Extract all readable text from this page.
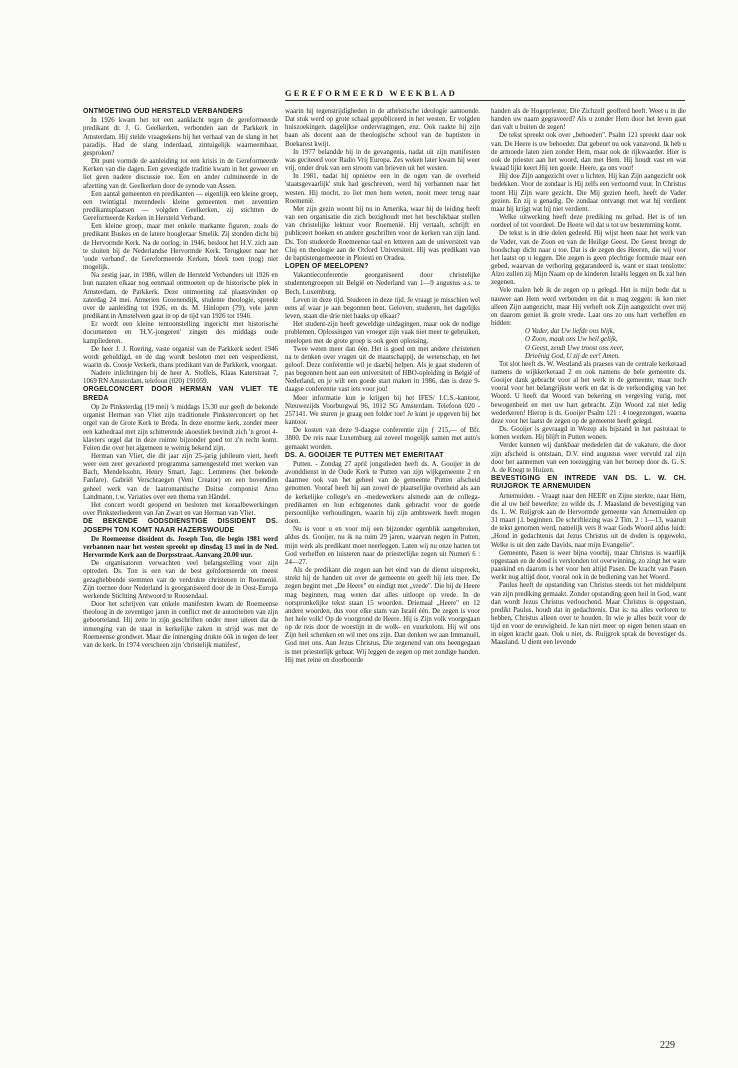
GEREFORMEERD WEEKBLAD
ONTMOETING OUD HERSTELD VERBANDERS

In 1926 kwam het tot een aanklacht tegen de gereformeerde predikant dr. J. G. Geelkerken, verbonden aan de Parkkerk in Amsterdam. Hij stelde vraagtekens bij het verhaal van de slang in het paradijs. Had de slang inderdaad, zintuigelijk waarneembaar, gesproken?

Dit punt vormde de aanleiding tot een krisis in de Gereformeerde Kerken van die dagen. Een gevestigde traditie kwam in het geweer en liet geen nadere discussie toe. Een en ander culmineerde in de afzetting van dr. Geelkerken door de synode van Assen.

Een aantal gemeenten en predikanten — eigenlijk een kleine groep, een twintigtal merendeels kleine gemeenten met zeventien predikantsplaatsen — volgden Geelkerken, zij stichtten de Gereformeerde Kerken in Hersteld Verband.

Een kleine groep, maar met enkele markante figuren, zoals de predikant Buskes en de latere hoogleraar Smelik. Zij stonden dicht bij de Hervormde Kerk. Na de oorlog, in 1946, besloot het H.V. zich aan te sluiten bij de Nederlandse Hervormde Kerk. Terugkeer naar het 'oude verband', de Gereformeerde Kerken, bleek toen (nog) niet mogelijk.

Na zestig jaar, in 1986, willen de Hersteld Verbanders uit 1926 en hun nazaten elkaar nog eenmaal ontmoeten op de historische plek in Amsterdam, de Parkkerk. Deze ontmoeting zal plaatsvinden op zaterdag 24 mei. Annerien Groenendijk, studente theologie, spreekt over de aanleiding tot 1926, en ds. M. Hinlopen (79), vele jaren predikant in Amstelveen gaat in op de tijd van 1926 tot 1946.

Er wordt een kleine tentoonstelling ingericht met historische documenten en 'H.V.-jongeren' zingen des middags oude kampliederen.

De heer J. J. Roering, vaste organist van de Parkkerk sedert 1946 wordt gehuldigd, en de dag wordt besloten met een vesperdienst, waarin ds. Coosje Verkerk, thans predikant van de Parkkerk, voorgaat.

Nadere inlichtingen bij de heer A. Stoffels, Klaas Katerstraat 7, 1069 RN Amsterdam, telefoon (020) 191059.

ORGELCONCERT DOOR HERMAN VAN VLIET TE BREDA

Op 2e Pinksterdag (19 mei) 's middags 15.30 uur geeft de bekende organist Herman van Vliet zijn traditionele Pinksterconcert op het orgel van de Grote Kerk te Breda. In deze enorme kerk, zonder meer een kathedraal met zijn schitterende akoestiek bevindt zich 'n groot 4-klaviers orgel dat in deze ruimte bijzonder goed tot z'n recht komt. Feiten die over het algemeen te weinig bekend zijn.

Herman van Vliet, die dit jaar zijn 25-jarig jubileum viert, heeft weer een zeer gevarieerd programma samengesteld met werken van Bach, Mendelssohn, Henry Smart, Jagc. Lemmens (het bekende Fanfare). Gabriël Verschraegen (Veni Creator) en een bovendien geheel werk van de laatromantische Duitse componist Arno Landmann, t.w. Variaties over een thema van Händel.

Het concert wordt geopend en besloten met koraalbewerkingen over Pinksterliederen van Jan Zwart en van Herman van Vliet.

DE BEKENDE GODSDIENSTIGE DISSIDENT DS. JOSEPH TON KOMT NAAR HAZERSWOUDE

De Roemeense dissident ds. Joseph Ton, die begin 1981 werd verbannen naar het westen spreekt op dinsdag 13 mei in de Ned. Hervormde Kerk aan de Dorpsstraat. Aanvang 20.00 uur.

De organisatoren verwachten veel belangstelling voor zijn optreden. Ds. Ton is een van de best geïnformeerde en meest gezaghebbende stemmen van de verdrukte christenen in Roemenië. Zijn toernee door Nederland is georganiseerd door de in Oost-Europa werkende Stichting Antwoord te Roosendaal.

Door het schrijven van enkele manifesten kwam de Roemeense theoloog in de zeventiger jaren in conflict met de autoriteiten van zijn geboorteland. Hij zette in zijn geschriften onder meer uiteen dat de inmenging van de staat in kerkelijke zaken in strijd was met de Roemeense grondwet. Maar die inmenging drukte óók in tegen de leer van de kerk. In 1974 verscheen zijn 'christelijk manifest',

waarin hij tegenstrijdigheden in de atheïstische ideologie aantoonde. Dat stuk werd op grote schaal gepubliceerd in het westen. Er volgden huiszoekingen, dagelijkse ondervragingen, enz. Ook raakte hij zijn baan als docent aan de theologische school van de baptisten in Boekarest kwijt.

In 1977 belandde hij in de gevangenis, nadat uit zijn manifesten was geciteerd voor Radio Vrij Europa. Zes weken later kwam hij weer vrij, onder druk van een stroom van brieven uit het westen.

In 1981, nadat hij opnieuw een in de ogen van de overheid 'staatsgevaarlijk' stuk had geschreven, werd hij verbannen naar het westen. Hij mocht, zo liet men hem weten, nooit meer terug naar Roemenië.

Met zijn gezin woont hij nu in Amerika, waar hij de leiding heeft van een organisatie die zich bezighoudt met het beschikbaar stellen van christelijke lektuur voor Roemenië. Hij vertaalt, schrijft en publiceert boeken en andere geschriften voor de kerken van zijn land. Ds. Ton studeerde Roemeense taal en letteren aan de universiteit van Cluj en theologie aan de Oxford Universiteit. Hij was predikant van de baptistengemeente in Ploiesti en Oradea.

LOPEN OF MEELOPEN?

Vakantieconferentie georganiseerd door christelijke studentengroepen uit België en Nederland van 1—9 augustus a.s. te Bech, Luxemburg.

Leven in deze tijd. Studeren in deze tijd. Je vraagt je misschien wel eens af waar je aan begonnen bent. Geloven, studeren, het dagelijks leven, staan die drie niet haaks op elkaar?

Het student-zijn heeft geweldige uitdagingen, maar ook de nodige problemen. Oplossingen van vroeger zijn vaak niet meer te gebruiken, meelopen met de grote groep is ook geen oplossing.

Twee weten meer dan één. Het is goed om met andere christenen na te denken over vragen uit de maatschappij, de wetenschap, en het geloof. Deze conferentie wil je daarbij helpen. Als je gaat studeren of pas begonnen bent aan een universiteit of HBO-opleiding in België of Nederland, en je wilt een goede start maken in 1986, dan is deze 9-daagse conferentie vast iets voor jou!

Meer informatie kun je krijgen bij het IFES/ I.C.S.-kantoor, Nieuwezijds Voorburgwal 96, 1012 SG Amsterdam. Telefoon 020 - 257141. We sturen je graag een folder toe! Je kunt je opgeven bij het kantoor.

De kosten van deze 9-daagse conferentie zijn ƒ 215,— of Bfr. 3800. De reis naar Luxemburg zal zoveel mogelijk samen met auto's gemaakt worden.

DS. A. GOOIJER TE PUTTEN MET EMERITAAT

Putten. - Zondag 27 april jongstleden heeft ds. A. Gooijer in de avonddienst in de Oude Kerk te Putten van zijn wijkgemeente 2 en daarmee ook van het geheel van de gemeente Putten afscheid genomen. Vooraf heeft hij aan zowel de plaatselijke overheid als aan de kerkelijke college's en -medewerkers alsmede aan de collega-predikanten en hun echtgenotes dank gebracht voor de goede persoonlijke verhoudingen, waarin hij zijn ambtswerk heeft mogen doen.

Nu is voor u en voor mij een bijzonder ogenblik aangebroken, aldus ds. Gooijer, nu ik na ruim 29 jaren, waarvan negen in Putten, mijn werk als predikant moet neerleggen. Laten wij nu onze harten tot God verheffen en luisteren naar de priesterlijke zegen uit Numeri 6 : 24—27.

Als de predikant die zegen aan het eind van de dienst uitspreekt, strekt hij de handen uit over de gemeente en geeft hij iets mee. De zegen begint met „De Heere" en eindigt met „vrede". Die bij de Heere mag beginnen, mag weten dat alles uitloopt op vrede. In de oorspronkelijke tekst staan 15 woorden. Driemaal „Heere" en 12 andere woorden, dus voor elke stam van Israël één. De zegen is voor het hele volk! Op de voorgrond de Heere. Hij is Zijn volk voorgegaan op de reis door de woestijn in de wolk- en vuurkolom. Hij wil ons Zijn heil schenken en wil met ons zijn. Dan denken we aan Immanuël, God met ons. Aan Jezus Christus, Die zegenend van ons heengegaan is met priesterlijk gebaar. Wij leggen de zegen op met zondige handen. Hij met reine en doorboorde

handen als de Hogepriester, Die Zichzelf geofferd heeft. Weet u in die handen uw naam gegraveerd? Als u zonder Hem door het leven gaat dan valt u buiten de zegen!

De tekst spreekt ook over „behoeden". Psalm 121 spreekt daar ook van. De Heere is uw behoeder. Dat gebeurt nu ook vanavond. Ik heb u de armoede laten zien zonder Hem, maar ook de rijkwaarder. Hier is ook de priester aan het woord, dan met Hem. Hij houdt vast en wat kwaad lijkt keert Hij ten goede. Heere, ga ons voor!

Hij doe Zijn aangezicht over u lichten. Hij kan Zijn aangezicht ook bedekken. Voor de zondaar is Hij zelfs een vertoornd vuur. In Christus toont Hij Zijn ware gezicht. Die Mij gezien heeft, heeft de Vader gezien. En zij u genadig. De zondaar ontvangt met wat hij verdient maar hij krijgt wat hij niet verdient.

Welke uitwerking heeft deze prediking nu gehad. Het is of ten oordeel of tot voordeel. De Heere wil dat u tot uw bestemming komt.

De tekst is in drie delen gedeeld. Hij wijst heen naar het werk van de Vader, van de Zoon en van de Heilige Geest. De Geest brengt de boodschap dicht naar u toe. Dat is de zegen des Heeren, die wij voor het laatst op u leggen. Die zegen is geen plechtige formule maar een gebed, waarvan de verhoring gegarandeerd is, want er staat tenslotte: Alzo zullen zij Mijn Naam op de kinderen Israëls leggen en Ik zal hen zegenen.

Vele malen heb ik de zegen op u gelegd. Het is mijn bede dat u nauwer aan Hem werd verbonden en dat u mag zeggen: ik ken niet alleen Zijn aangezicht, maar Hij verheft ook Zijn aangezicht over mij en daarom geniet ik grote vrede. Laat ons zo ons hart verheffen en bidden:

O Vader, dat Uw liefde ons blijk,

O Zoon, maak ons Uw heil gelijk,

O Geest, zendt Uwe troost ons neer,

Drieënig God, U zij de eer! Amen.

Tot slot heeft ds. W. Westland als praeses van de centrale kerkeraad namens de wijkkerkeraad 2 en ook namens de hele gemeente ds. Gooijer dank gebracht voor al het werk in de gemeente, maar toch vooral voor het belangrijkste werk en dat is de verkondiging van het Woord. U heeft dat Woord van bekering en vergeving vurig, met bewogenheid en met uw hart gebracht. Zijn Woord zal niet ledig wederkeren! Hierop is ds. Gooijer Psalm 121 : 4 toegezongen, waarna deze voor het laatst de zegen op de gemeente heeft gelegd.

Ds. Gooijer is gevraagd in Wezep als bijstand in het pastoraat te komen werken. Hij blijft in Putten wonen.

Verder kunnen wij dankbaar mededelen dat de vakature, die door zijn afscheid is ontstaan, D.V. eind augustus weer vervuld zal zijn door het aannemen van een toezegging van het beroep door ds. G. S. A. de Knegt te Huizen.

BEVESTIGING EN INTREDE VAN DS. L. W. CH. RUIJGROK TE ARNEMUIDEN

Arnemuiden. - Vraagt naar den HEER' en Zijne sterkte, naar Hem, die al uw heil bewerkte; zo wilde ds. J. Maasland de bevestiging van ds. L. W. Ruijgrok aan de Hervormde gemeente van Arnemuiden op 31 maart j.l. beginnen. De schriftlezing was 2 Tim. 2 : 1—13, waaruit de tekst genomen werd, namelijk vers 8 waar Gods Woord aldus luidt: „Houd in gedachtenis dat Jezus Christus uit de doden is opgewekt, Welke is uit den zade Davids, naar mijn Evangelie".

Gemeente, Pasen is weer bijna voorbij, maar Christus is waarlijk opgestaan en de dood is verslonden tot overwinning, zo zingt het ware paaskind en daarom is het voor hen altijd Pasen. De kracht van Pasen werkt nog altijd door, vooral ook in de bediening van het Woord.

Paulus heeft de opstanding van Christus steeds tot het middelpunt van zijn prediking gemaakt. Zonder opstanding geen heil in God, want dan wordt Jezus Christus verloochend. Maar Christus is opgestaan, predikt Paulus, houdt dat in gedachtenis. Dat is: na alles verloren te hebben, Christus alleen over te houden. In wie je alles bezit voor de tijd en voor de eeuwigheid. Je kan niet meer op eigen benen staan en in eigen kracht gaan. Ook u niet, ds. Ruijgrok sprak de bevestiger ds. Maasland. U dient een levende

229
